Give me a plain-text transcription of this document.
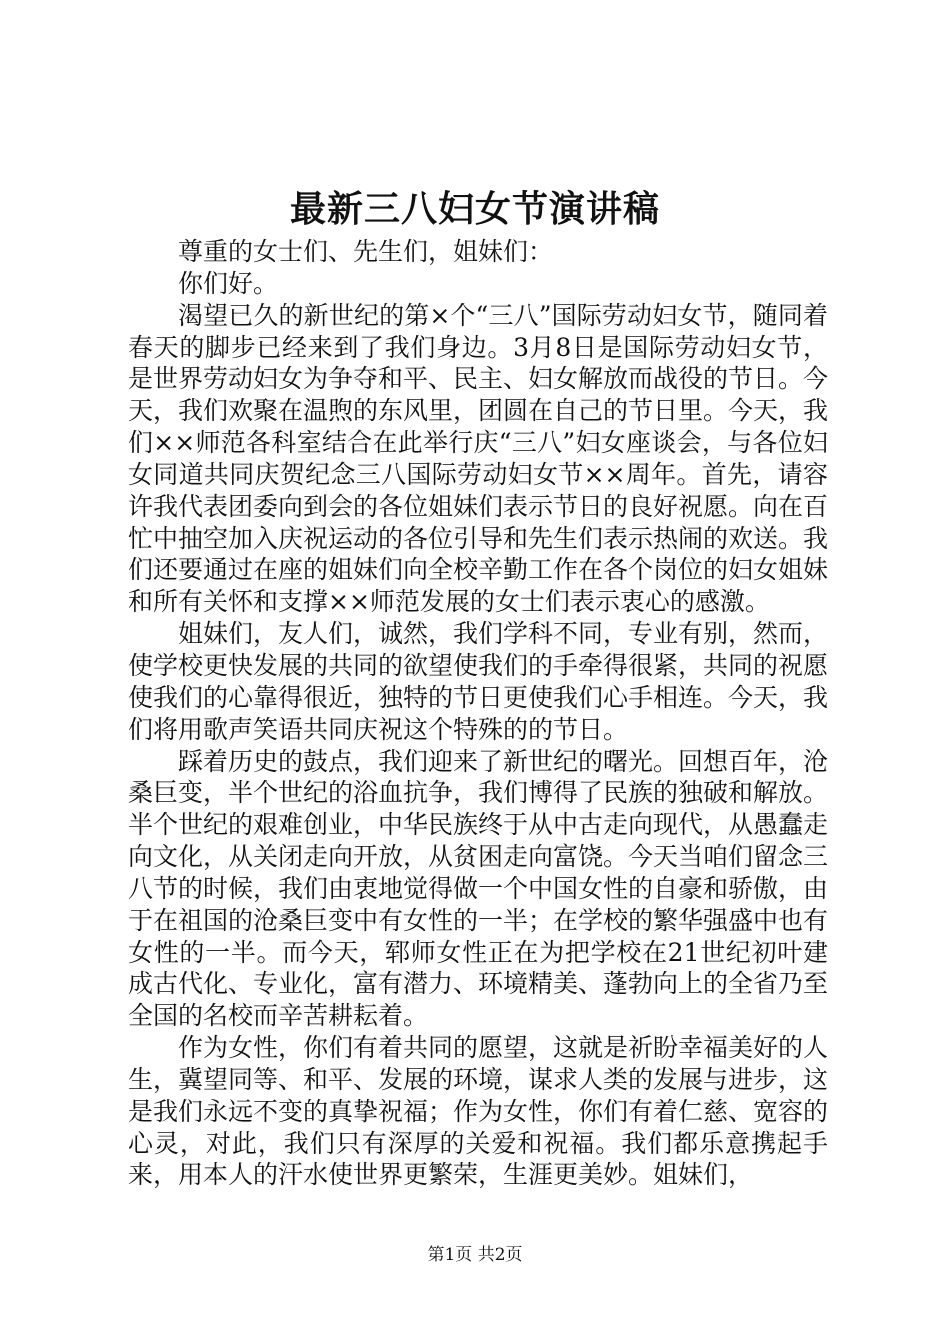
最新三八妇女节演讲稿

尊重的女士们、先生们，姐妹们：

你们好。

渴望已久的新世纪的第×个“三八”国际劳动妇女节，随同着春天的脚步已经来到了我们身边。3月8日是国际劳动妇女节，是世界劳动妇女为争夺和平、民主、妇女解放而战役的节日。今天，我们欢聚在温煦的东风里，团圆在自己的节日里。今天，我们××师范各科室结合在此举行庆“三八”妇女座谈会，与各位妇女同道共同庆贺纪念三八国际劳动妇女节××周年。首先，请容许我代表团委向到会的各位姐妹们表示节日的良好祝愿。向在百忙中抽空加入庆祝运动的各位引导和先生们表示热闹的欢送。我们还要通过在座的姐妹们向全校辛勤工作在各个岗位的妇女姐妹和所有关怀和支撑××师范发展的女士们表示衷心的感激。

姐妹们，友人们，诚然，我们学科不同，专业有别，然而，使学校更快发展的共同的欲望使我们的手牵得很紧，共同的祝愿使我们的心靠得很近，独特的节日更使我们心手相连。今天，我们将用歌声笑语共同庆祝这个特殊的的节日。

踩着历史的鼓点，我们迎来了新世纪的曙光。回想百年，沧桑巨变，半个世纪的浴血抗争，我们博得了民族的独破和解放。半个世纪的艰难创业，中华民族终于从中古走向现代，从愚蠢走向文化，从关闭走向开放，从贫困走向富饶。今天当咱们留念三八节的时候，我们由衷地觉得做一个中国女性的自豪和骄傲，由于在祖国的沧桑巨变中有女性的一半；在学校的繁华强盛中也有女性的一半。而今天，郓师女性正在为把学校在21世纪初叶建成古代化、专业化，富有潜力、环境精美、蓬勃向上的全省乃至全国的名校而辛苦耕耘着。

作为女性，你们有着共同的愿望，这就是祈盼幸福美好的人生，冀望同等、和平、发展的环境，谋求人类的发展与进步，这是我们永远不变的真挚祝福；作为女性，你们有着仁慈、宽容的心灵，对此，我们只有深厚的关爱和祝福。我们都乐意携起手来，用本人的汗水使世界更繁荣，生涯更美妙。姐妹们，

第1页 共2页
